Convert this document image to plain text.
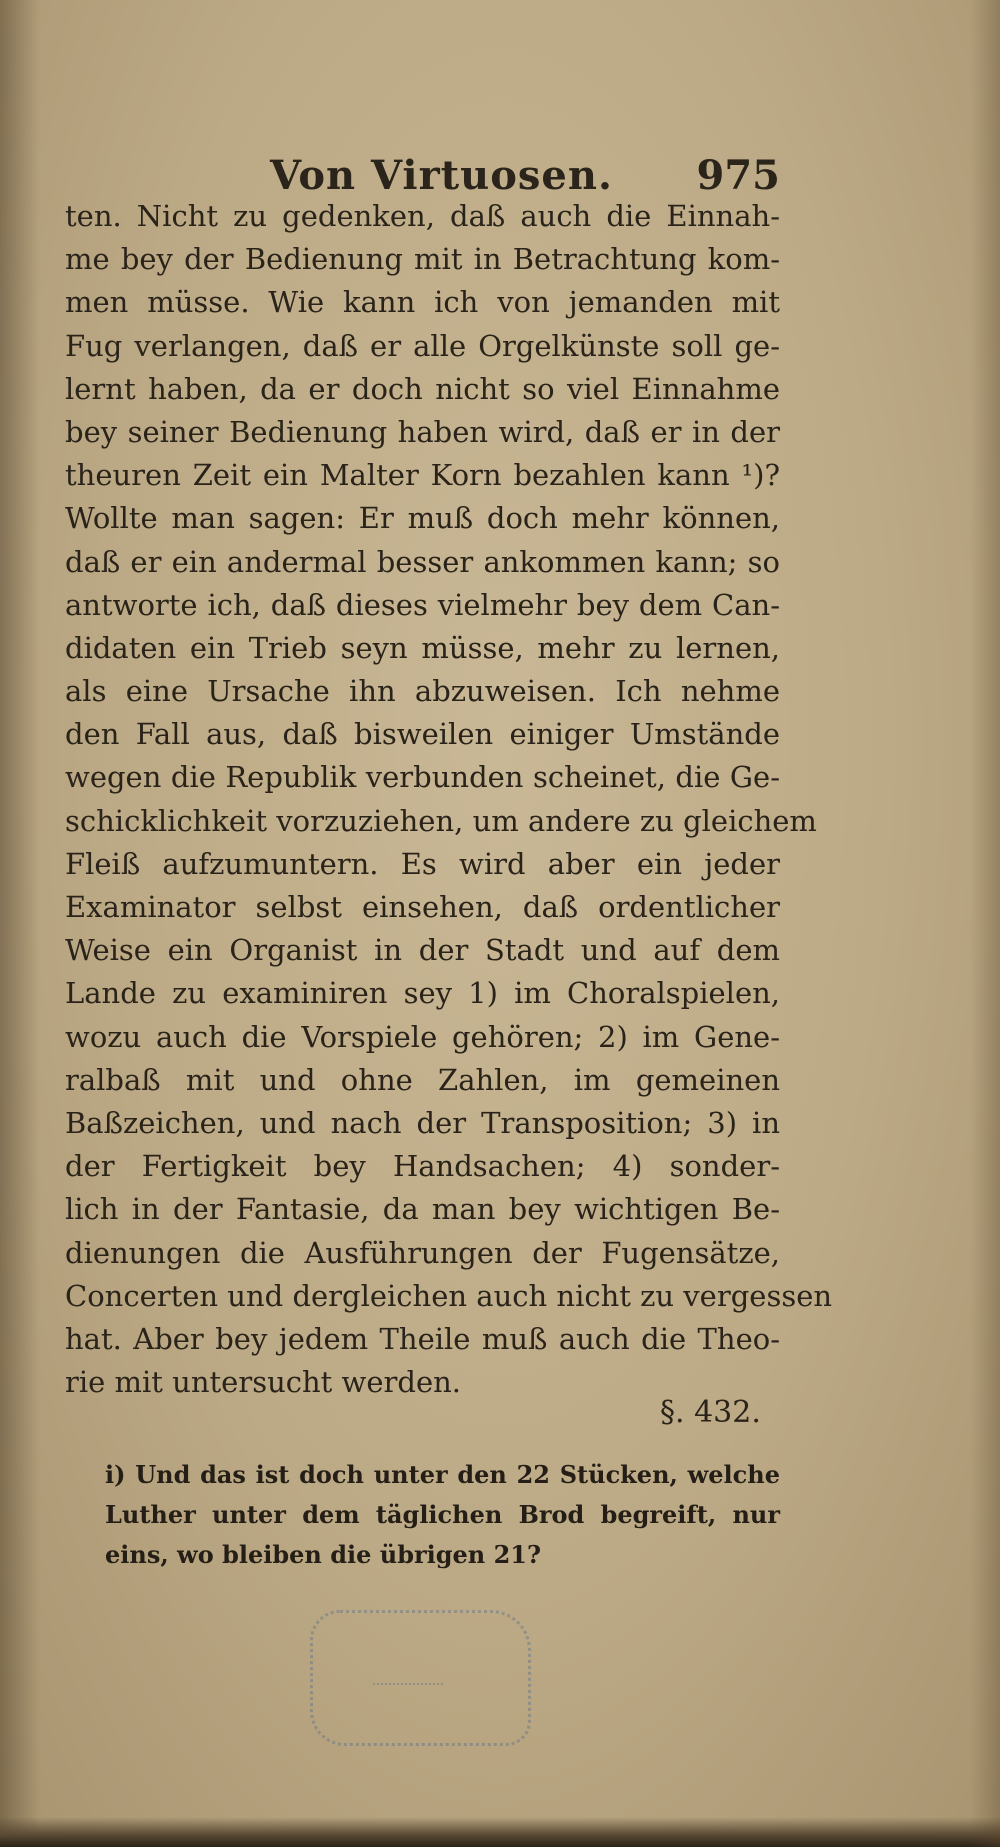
Von Virtuosen. 975
ten. Nicht zu gedenken, daß auch die Einnah-
me bey der Bedienung mit in Betrachtung kom-
men müsse. Wie kann ich von jemanden mit
Fug verlangen, daß er alle Orgelkünste soll ge-
lernt haben, da er doch nicht so viel Einnahme
bey seiner Bedienung haben wird, daß er in der
theuren Zeit ein Malter Korn bezahlen kann ¹)?
Wollte man sagen: Er muß doch mehr können,
daß er ein andermal besser ankommen kann; so
antworte ich, daß dieses vielmehr bey dem Can-
didaten ein Trieb seyn müsse, mehr zu lernen,
als eine Ursache ihn abzuweisen. Ich nehme
den Fall aus, daß bisweilen einiger Umstände
wegen die Republik verbunden scheinet, die Ge-
schicklichkeit vorzuziehen, um andere zu gleichem
Fleiß aufzumuntern. Es wird aber ein jeder
Examinator selbst einsehen, daß ordentlicher
Weise ein Organist in der Stadt und auf dem
Lande zu examiniren sey 1) im Choralspielen,
wozu auch die Vorspiele gehören; 2) im Gene-
ralbaß mit und ohne Zahlen, im gemeinen
Baßzeichen, und nach der Transposition; 3) in
der Fertigkeit bey Handsachen; 4) sonder-
lich in der Fantasie, da man bey wichtigen Be-
dienungen die Ausführungen der Fugensätze,
Concerten und dergleichen auch nicht zu vergessen
hat. Aber bey jedem Theile muß auch die Theo-
rie mit untersucht werden.
§. 432.
i) Und das ist doch unter den 22 Stücken, welche
Luther unter dem täglichen Brod begreift, nur
eins, wo bleiben die übrigen 21?
